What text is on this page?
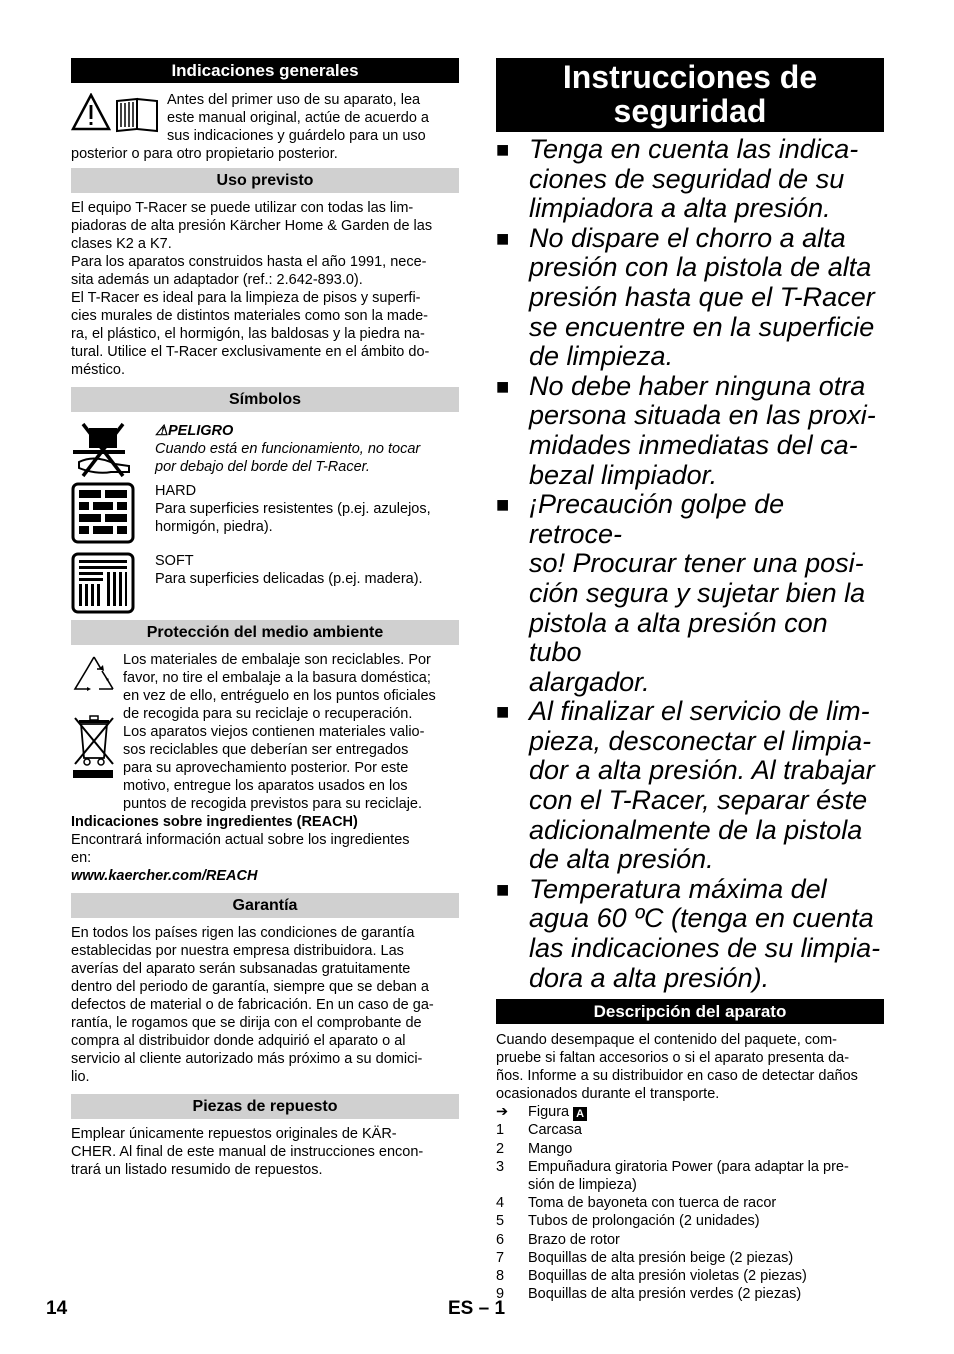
Indicaciones generales

Antes del primer uso de su aparato, lea

este manual original, actúe de acuerdo a

sus indicaciones y guárdelo para un uso

posterior o para otro propietario posterior.

Uso previsto

El equipo T-Racer se puede utilizar con todas las lim-

piadoras de alta presión Kärcher Home & Garden de las

clases K2 a K7.

Para los aparatos construidos hasta el año 1991, nece-

sita además un adaptador (ref.: 2.642-893.0).

El T-Racer es ideal para la limpieza de pisos y superfi-

cies murales de distintos materiales como son la made-

ra, el plástico, el hormigón, las baldosas y la piedra na-

tural. Utilice el T-Racer exclusivamente en el ámbito do-

méstico.

Símbolos

⚠PELIGRO

Cuando está en funcionamiento, no tocar

por debajo del borde del T-Racer.

HARD

Para superficies resistentes (p.ej. azulejos,

hormigón, piedra).

SOFT

Para superficies delicadas (p.ej. madera).

Protección del medio ambiente

Los materiales de embalaje son reciclables. Por

favor, no tire el embalaje a la basura doméstica;

en vez de ello, entréguelo en los puntos oficiales

de recogida para su reciclaje o recuperación.

Los aparatos viejos contienen materiales valio-

sos reciclables que deberían ser entregados

para su aprovechamiento posterior. Por este

motivo, entregue los aparatos usados en los

puntos de recogida previstos para su reciclaje.

Indicaciones sobre ingredientes (REACH)

Encontrará información actual sobre los ingredientes

en:

www.kaercher.com/REACH

Garantía

En todos los países rigen las condiciones de garantía

establecidas por nuestra empresa distribuidora. Las

averías del aparato serán subsanadas gratuitamente

dentro del periodo de garantía, siempre que se deban a

defectos de material o de fabricación. En un caso de ga-

rantía, le rogamos que se dirija con el comprobante de

compra al distribuidor donde adquirió el aparato o al

servicio al cliente autorizado más próximo a su domici-

lio.

Piezas de repuesto

Emplear únicamente repuestos originales de KÄR-

CHER. Al final de este manual de instrucciones encon-

trará un listado resumido de repuestos.

Instrucciones de
seguridad
■ Tenga en cuenta las indica-
ciones de seguridad de su
limpiadora a alta presión.
■ No dispare el chorro a alta
presión con la pistola de alta
presión hasta que el T-Racer
se encuentre en la superficie
de limpieza.
■ No debe haber ninguna otra
persona situada en las proxi-
midades inmediatas del ca-
bezal limpiador.
■ ¡Precaución golpe de retroce-
so! Procurar tener una posi-
ción segura y sujetar bien la
pistola a alta presión con tubo
alargador.
■ Al finalizar el servicio de lim-
pieza, desconectar el limpia-
dor a alta presión. Al trabajar
con el T-Racer, separar éste
adicionalmente de la pistola
de alta presión.
■ Temperatura máxima del
agua 60 ºC (tenga en cuenta
las indicaciones de su limpia-
dora a alta presión).
Descripción del aparato

Cuando desempaque el contenido del paquete, com-

pruebe si faltan accesorios o si el aparato presenta da-

ños. Informe a su distribuidor en caso de detectar daños

ocasionados durante el transporte.

➔	Figura A
1	Carcasa
2	Mango
3	Empuñadura giratoria Power (para adaptar la pre-
sión de limpieza)
4	Toma de bayoneta con tuerca de racor
5	Tubos de prolongación (2 unidades)
6	Brazo de rotor
7	Boquillas de alta presión beige (2 piezas)
8	Boquillas de alta presión violetas (2 piezas)
9	Boquillas de alta presión verdes (2 piezas)
14	ES – 1
